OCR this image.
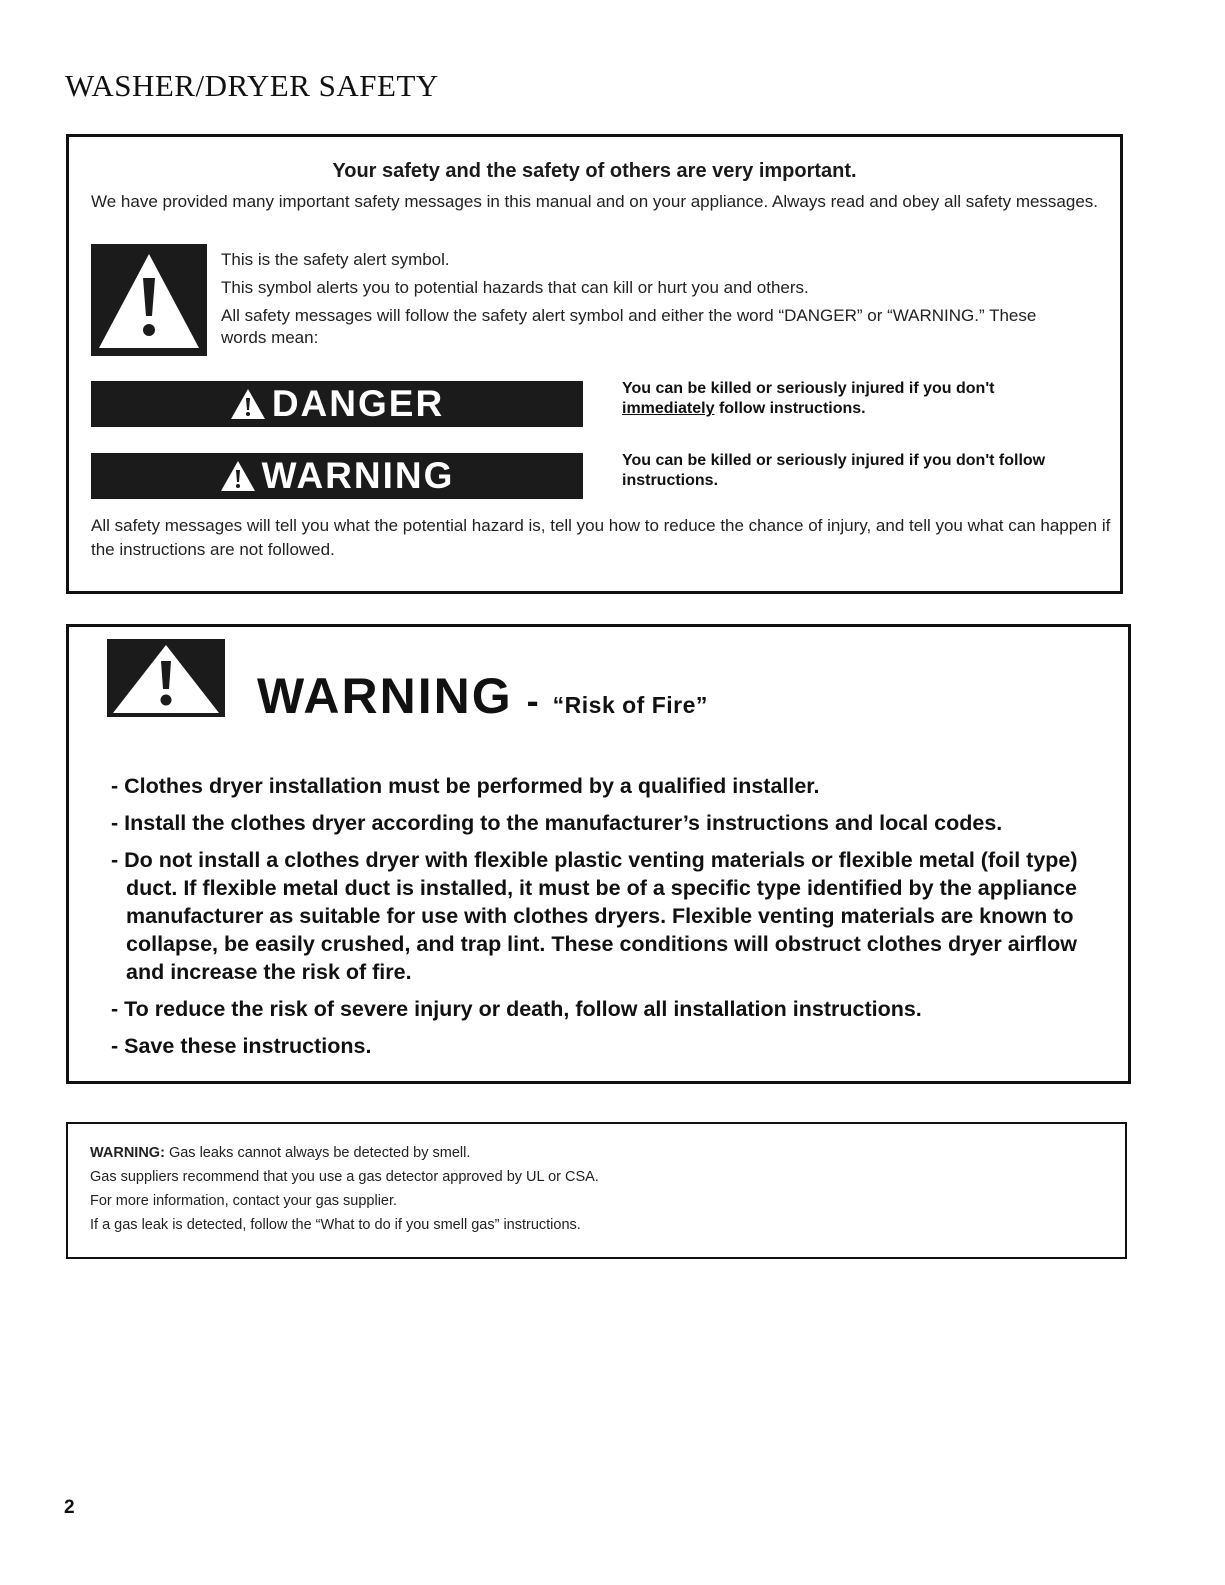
WASHER/DRYER SAFETY
Your safety and the safety of others are very important.
We have provided many important safety messages in this manual and on your appliance. Always read and obey all safety messages.
This is the safety alert symbol.
This symbol alerts you to potential hazards that can kill or hurt you and others.
All safety messages will follow the safety alert symbol and either the word “DANGER” or “WARNING.” These words mean:
DANGER	You can be killed or seriously injured if you don't
immediately follow instructions.
WARNING	You can be killed or seriously injured if you don't follow instructions.
All safety messages will tell you what the potential hazard is, tell you how to reduce the chance of injury, and tell you what can happen if the instructions are not followed.
WARNING - “Risk of Fire”
- Clothes dryer installation must be performed by a qualified installer.
- Install the clothes dryer according to the manufacturer’s instructions and local codes.
- Do not install a clothes dryer with flexible plastic venting materials or flexible metal (foil type) duct. If flexible metal duct is installed, it must be of a specific type identified by the appliance manufacturer as suitable for use with clothes dryers. Flexible venting materials are known to collapse, be easily crushed, and trap lint. These conditions will obstruct clothes dryer airflow and increase the risk of fire.
- To reduce the risk of severe injury or death, follow all installation instructions.
- Save these instructions.
WARNING: Gas leaks cannot always be detected by smell.
Gas suppliers recommend that you use a gas detector approved by UL or CSA.
For more information, contact your gas supplier.
If a gas leak is detected, follow the “What to do if you smell gas” instructions.
2
